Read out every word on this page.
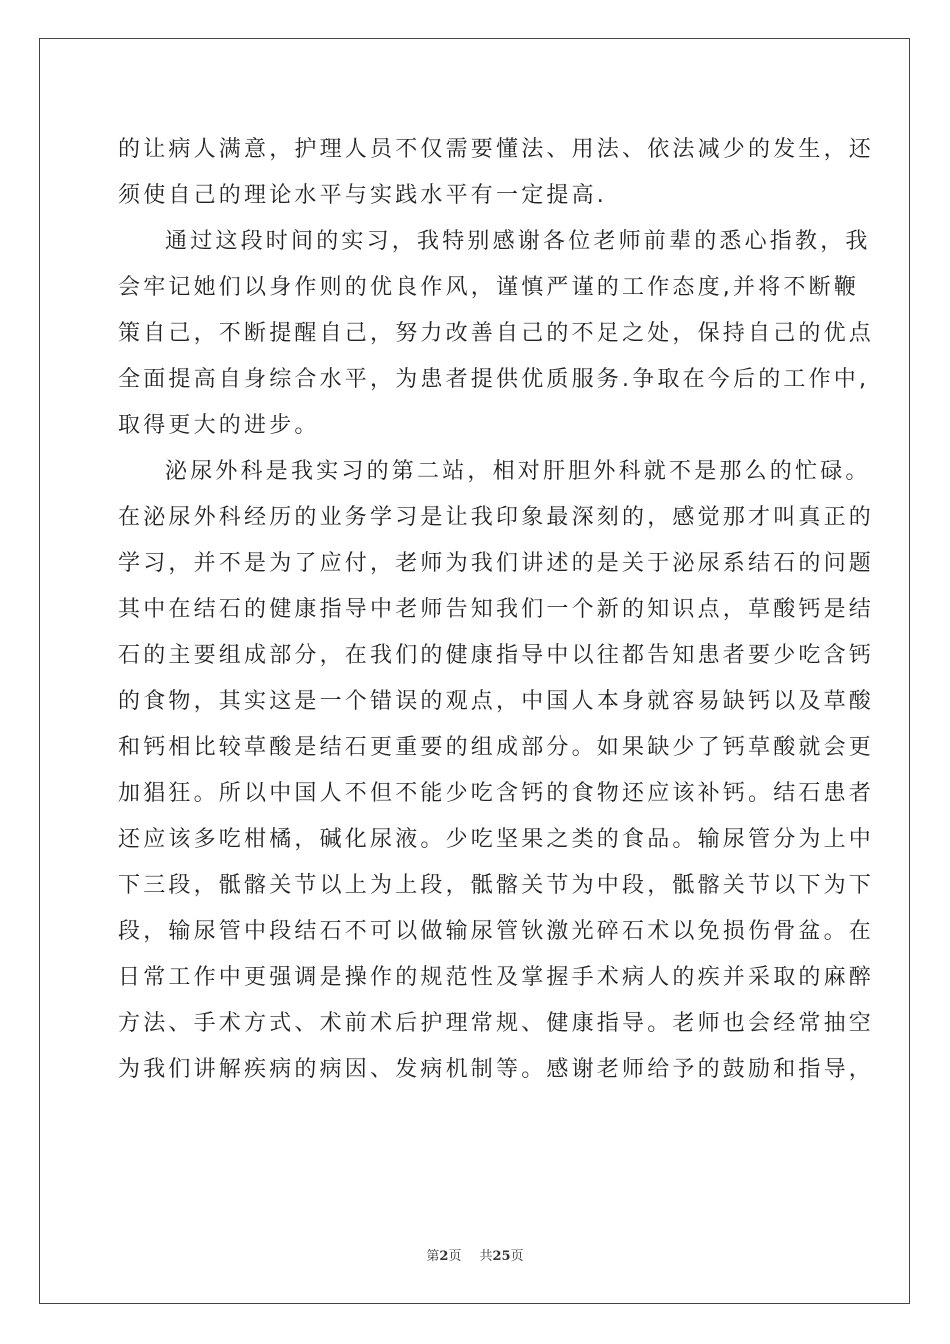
的让病人满意，护理人员不仅需要懂法、用法、依法减少的发生，还
须使自己的理论水平与实践水平有一定提高.
通过这段时间的实习，我特别感谢各位老师前辈的悉心指教，我
会牢记她们以身作则的优良作风，谨慎严谨的工作态度,并将不断鞭
策自己，不断提醒自己，努力改善自己的不足之处，保持自己的优点
全面提高自身综合水平，为患者提供优质服务.争取在今后的工作中,
取得更大的进步。
泌尿外科是我实习的第二站，相对肝胆外科就不是那么的忙碌。
在泌尿外科经历的业务学习是让我印象最深刻的，感觉那才叫真正的
学习，并不是为了应付，老师为我们讲述的是关于泌尿系结石的问题
其中在结石的健康指导中老师告知我们一个新的知识点，草酸钙是结
石的主要组成部分，在我们的健康指导中以往都告知患者要少吃含钙
的食物，其实这是一个错误的观点，中国人本身就容易缺钙以及草酸
和钙相比较草酸是结石更重要的组成部分。如果缺少了钙草酸就会更
加猖狂。所以中国人不但不能少吃含钙的食物还应该补钙。结石患者
还应该多吃柑橘，碱化尿液。少吃坚果之类的食品。输尿管分为上中
下三段，骶髂关节以上为上段，骶髂关节为中段，骶髂关节以下为下
段，输尿管中段结石不可以做输尿管钬激光碎石术以免损伤骨盆。在
日常工作中更强调是操作的规范性及掌握手术病人的疾并采取的麻醉
方法、手术方式、术前术后护理常规、健康指导。老师也会经常抽空
为我们讲解疾病的病因、发病机制等。感谢老师给予的鼓励和指导，
第2页 共25页
